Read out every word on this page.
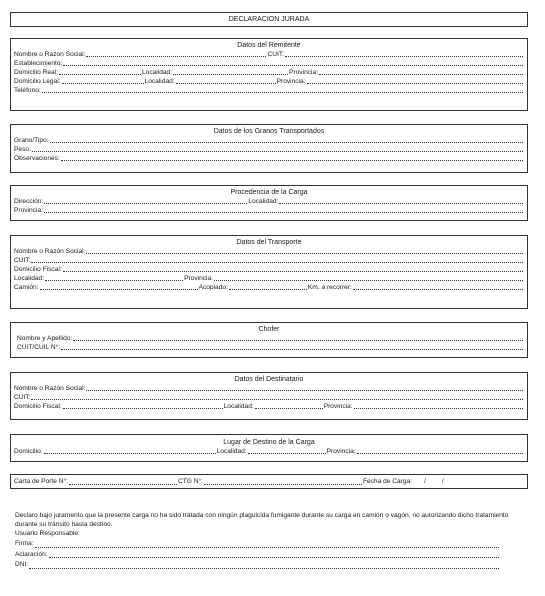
DECLARACION JURADA
Datos del Remitente
Nombre o Razon Social:	CUIT:
Establecimiento:
Domicilio Real:	Localidad:	Provincia:
Domicilio Legal:	Localidad:	Provincia:
Teléfono:
Datos de los Granos Transportados
Grano/Tipo:
Peso:
Observaciones:
Procedencia de la Carga
Dirección:	Localidad:
Provincia:
Datos del Transporte
Nombre o Razón Social:
CUIT:
Domicilio Fiscal:
Localidad:	Provincia:
Camión:	Acoplado:	Km. a recorrer:
Chofer
Nombre y Apellido:
CUIT/CUIL N°:
Datos del Destinatario
Nombre o Razón Social:
CUIT:
Domicilio Fiscal:	Localidad:	Provincia:
Lugar de Destino de la Carga
Domicilio:	Localidad:	Provincia:
Carta de Porte N°:	CTG N°:	Fecha de Carga: / /

Declaro bajo juramento que la presente carga no ha sido tratada con ningún plaguicida fumigante durante su carga en camión o vagón, no autorizando dicho tratamiento durante su tránsito hasta destino.

Usuario Responsable:
Firma:
Aclaración:
DNI:
